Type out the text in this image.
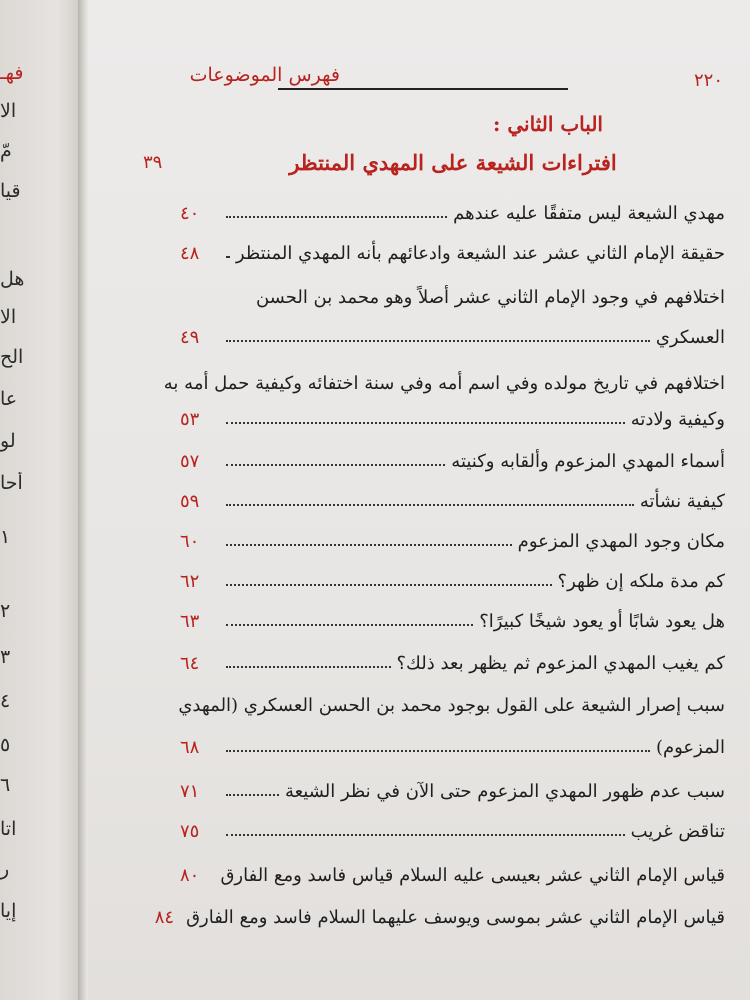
فهـ
الا
مّ
قيا
هل
الا
الح
عا
لو
أحا
١
٢
٣
٤
٥
٦
اتا
ر
إيا
٢٢٠
فهرس الموضوعات
الباب الثاني :
افتراءات الشيعة على المهدي المنتظر
٣٩
مهدي الشيعة ليس متفقًا عليه عندهم
٤٠
حقيقة الإمام الثاني عشر عند الشيعة وادعائهم بأنه المهدي المنتظر
٤٨
اختلافهم في وجود الإمام الثاني عشر أصلاً وهو محمد بن الحسن
العسكري
٤٩
اختلافهم في تاريخ مولده وفي اسم أمه وفي سنة اختفائه وكيفية حمل أمه به
وكيفية ولادته
٥٣
أسماء المهدي المزعوم وألقابه وكنيته
٥٧
كيفية نشأته
٥٩
مكان وجود المهدي المزعوم
٦٠
كم مدة ملكه إن ظهر؟
٦٢
هل يعود شابًا أو يعود شيخًا كبيرًا؟
٦٣
كم يغيب المهدي المزعوم ثم يظهر بعد ذلك؟
٦٤
سبب إصرار الشيعة على القول بوجود محمد بن الحسن العسكري (المهدي
المزعوم)
٦٨
سبب عدم ظهور المهدي المزعوم حتى الآن في نظر الشيعة
٧١
تناقض غريب
٧٥
قياس الإمام الثاني عشر بعيسى عليه السلام قياس فاسد ومع الفارق
٨٠
قياس الإمام الثاني عشر بموسى ويوسف عليهما السلام فاسد ومع الفارق
٨٤
